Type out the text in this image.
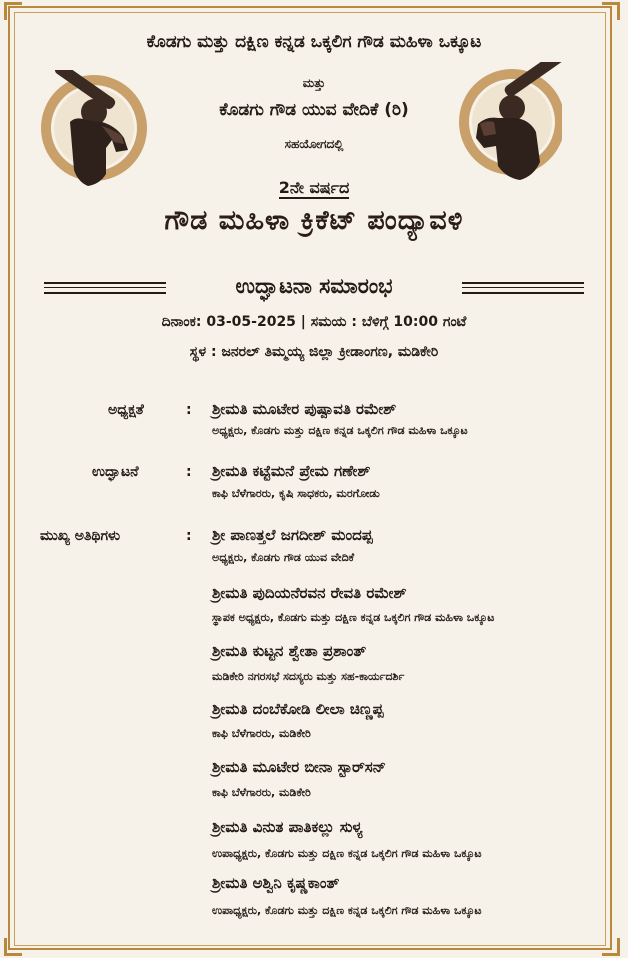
ಕೊಡಗು ಮತ್ತು ದಕ್ಷಿಣ ಕನ್ನಡ ಒಕ್ಕಲಿಗ ಗೌಡ ಮಹಿಳಾ ಒಕ್ಕೂಟ
ಮತ್ತು
ಕೊಡಗು ಗೌಡ ಯುವ ವೇದಿಕೆ (ರಿ)
ಸಹಯೋಗದಲ್ಲಿ
2ನೇ ವರ್ಷದ
ಗೌಡ ಮಹಿಳಾ ಕ್ರಿಕೆಟ್ ಪಂದ್ಯಾವಳಿ
ಉದ್ಘಾಟನಾ ಸಮಾರಂಭ
ದಿನಾಂಕ: 03-05-2025 | ಸಮಯ : ಬೆಳಿಗ್ಗೆ 10:00 ಗಂಟೆ
ಸ್ಥಳ : ಜನರಲ್ ತಿಮ್ಮಯ್ಯ ಜಿಲ್ಲಾ ಕ್ರೀಡಾಂಗಣ, ಮಡಿಕೇರಿ
ಅಧ್ಯಕ್ಷತೆ	: ಶ್ರೀಮತಿ ಮೂಟೇರ ಪುಷ್ಪಾವತಿ ರಮೇಶ್
ಅಧ್ಯಕ್ಷರು, ಕೊಡಗು ಮತ್ತು ದಕ್ಷಿಣ ಕನ್ನಡ ಒಕ್ಕಲಿಗ ಗೌಡ ಮಹಿಳಾ ಒಕ್ಕೂಟ
ಉದ್ಘಾಟನೆ	: ಶ್ರೀಮತಿ ಕಟ್ಟೆಮನೆ ಪ್ರೇಮ ಗಣೇಶ್
ಕಾಫಿ ಬೆಳೆಗಾರರು, ಕೃಷಿ ಸಾಧಕರು, ಮರಗೋಡು
ಮುಖ್ಯ ಅತಿಥಿಗಳು	: ಶ್ರೀ ಪಾಣತ್ತಲೆ ಜಗದೀಶ್ ಮಂದಪ್ಪ
ಅಧ್ಯಕ್ಷರು, ಕೊಡಗು ಗೌಡ ಯುವ ವೇದಿಕೆ
ಶ್ರೀಮತಿ ಪುದಿಯನೆರವನ ರೇವತಿ ರಮೇಶ್
ಸ್ಥಾಪಕ ಅಧ್ಯಕ್ಷರು, ಕೊಡಗು ಮತ್ತು ದಕ್ಷಿಣ ಕನ್ನಡ ಒಕ್ಕಲಿಗ ಗೌಡ ಮಹಿಳಾ ಒಕ್ಕೂಟ
ಶ್ರೀಮತಿ ಕುಟ್ಟನ ಶ್ವೇತಾ ಪ್ರಶಾಂತ್
ಮಡಿಕೇರಿ ನಗರಸಭೆ ಸದಸ್ಯರು ಮತ್ತು ಸಹ-ಕಾರ್ಯದರ್ಶಿ
ಶ್ರೀಮತಿ ದಂಬೆಕೋಡಿ ಲೀಲಾ ಚಿಣ್ಣಪ್ಪ
ಕಾಫಿ ಬೆಳೆಗಾರರು, ಮಡಿಕೇರಿ
ಶ್ರೀಮತಿ ಮೂಟೇರ ಬೀನಾ ಸ್ಟಾರ್‌ಸನ್
ಕಾಫಿ ಬೆಳೆಗಾರರು, ಮಡಿಕೇರಿ
ಶ್ರೀಮತಿ ವಿನುತ ಪಾತಿಕಲ್ಲು ಸುಳ್ಯ
ಉಪಾಧ್ಯಕ್ಷರು, ಕೊಡಗು ಮತ್ತು ದಕ್ಷಿಣ ಕನ್ನಡ ಒಕ್ಕಲಿಗ ಗೌಡ ಮಹಿಳಾ ಒಕ್ಕೂಟ
ಶ್ರೀಮತಿ ಅಶ್ವಿನಿ ಕೃಷ್ಣಕಾಂತ್
ಉಪಾಧ್ಯಕ್ಷರು, ಕೊಡಗು ಮತ್ತು ದಕ್ಷಿಣ ಕನ್ನಡ ಒಕ್ಕಲಿಗ ಗೌಡ ಮಹಿಳಾ ಒಕ್ಕೂಟ
